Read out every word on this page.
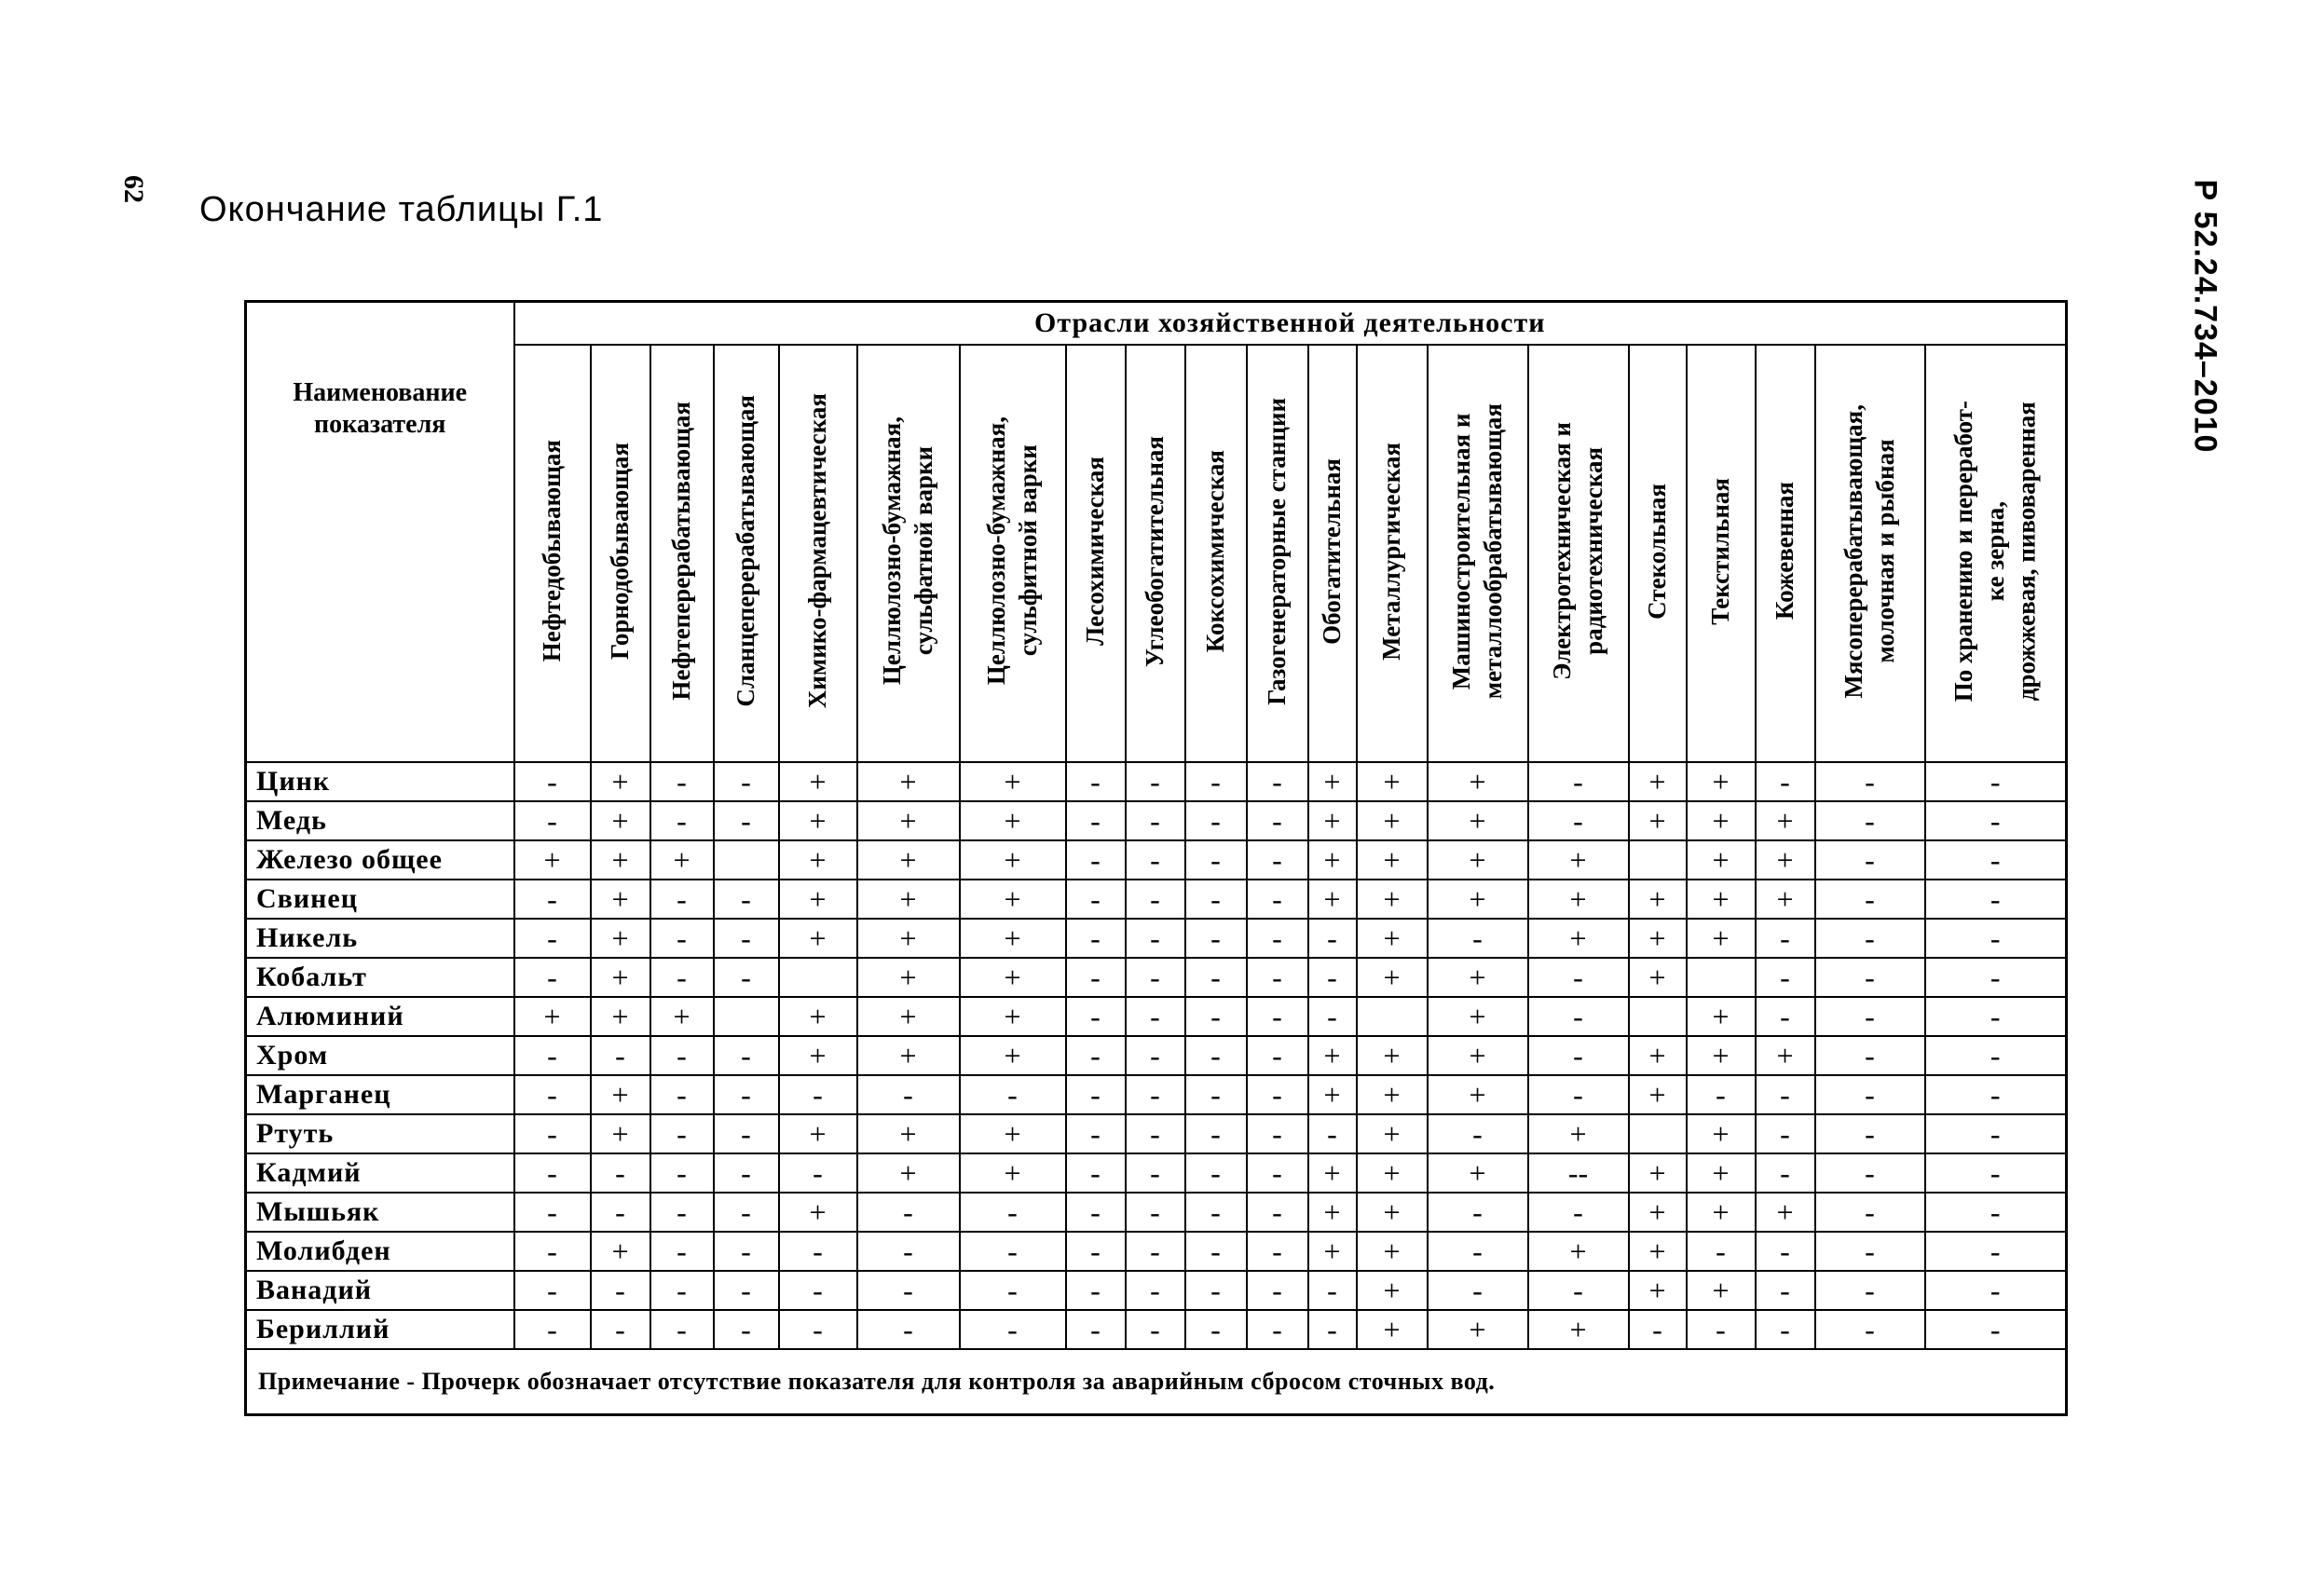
62	Р 52.24.734–2010
Окончание таблицы Г.1
Наименование показателя	Отрасли хозяйственной деятельности																			

	Нефтедобывающая	Горнодобывающая	Нефтеперерабатывающая	Сланцеперерабатывающая	Химико-фармацевтическая	Целлюлозно-бумажная, сульфатной варки	Целлюлозно-бумажная, сульфитной варки	Лесохимическая	Углеобогатительная	Коксохимическая	Газогенераторные станции	Обогатительная	Металлургическая	Машиностроительная и металлообрабатывающая	Электротехническая и радиотехническая	Стекольная	Текстильная	Кожевенная	Мясоперерабатывающая, молочная и рыбная	По хранению и переработ- ке зерна, дрожжевая, пивоваренная

Цинк	-	+	-	-	+	+	+	-	-	-	-	+	+	+	-	+	+	-	-	-
Медь	-	+	-	-	+	+	+	-	-	-	-	+	+	+	-	+	+	+	-	-
Железо общее	+	+	+		+	+	+	-	-	-	-	+	+	+	+		+	+	-	-
Свинец	-	+	-	-	+	+	+	-	-	-	-	+	+	+	+	+	+	+	-	-
Никель	-	+	-	-	+	+	+	-	-	-	-	-	+	-	+	+	+	-	-	-
Кобальт	-	+	-	-		+	+	-	-	-	-	-	+	+	-	+		-	-	-
Алюминий	+	+	+		+	+	+	-	-	-	-	-		+	-		+	-	-	-
Хром	-	-	-	-	+	+	+	-	-	-	-	+	+	+	-	+	+	+	-	-
Марганец	-	+	-	-	-	-	-	-	-	-	-	+	+	+	-	+	-	-	-	-
Ртуть	-	+	-	-	+	+	+	-	-	-	-	-	+	-	+		+	-	-	-
Кадмий	-	-	-	-	-	+	+	-	-	-	-	+	+	+	--	+	+	-	-	-
Мышьяк	-	-	-	-	+	-	-	-	-	-	-	+	+	-	-	+	+	+	-	-
Молибден	-	+	-	-	-	-	-	-	-	-	-	+	+	-	+	+	-	-	-	-
Ванадий	-	-	-	-	-	-	-	-	-	-	-	-	+	-	-	+	+	-	-	-
Бериллий	-	-	-	-	-	-	-	-	-	-	-	-	+	+	+	-	-	-	-	-
Примечание - Прочерк обозначает отсутствие показателя для контроля за аварийным сбросом сточных вод.																				
